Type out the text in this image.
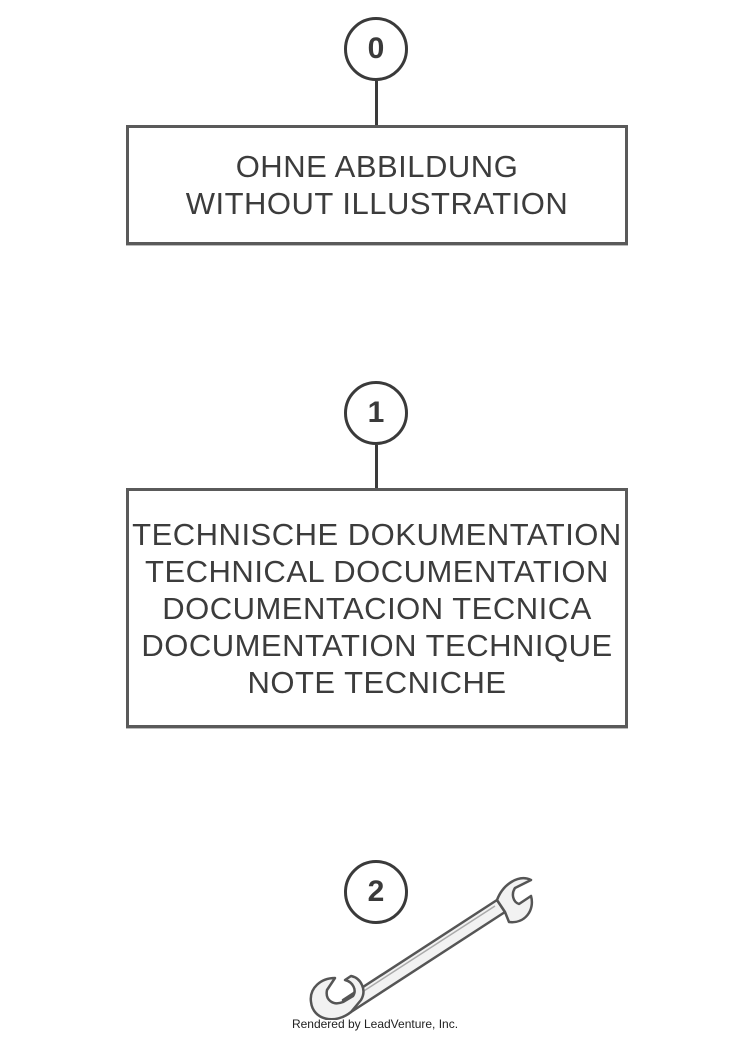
0
OHNE ABBILDUNG
WITHOUT ILLUSTRATION
1
TECHNISCHE DOKUMENTATION
TECHNICAL DOCUMENTATION
DOCUMENTACION TECNICA
DOCUMENTATION TECHNIQUE
NOTE TECNICHE
2
Rendered by LeadVenture, Inc.
